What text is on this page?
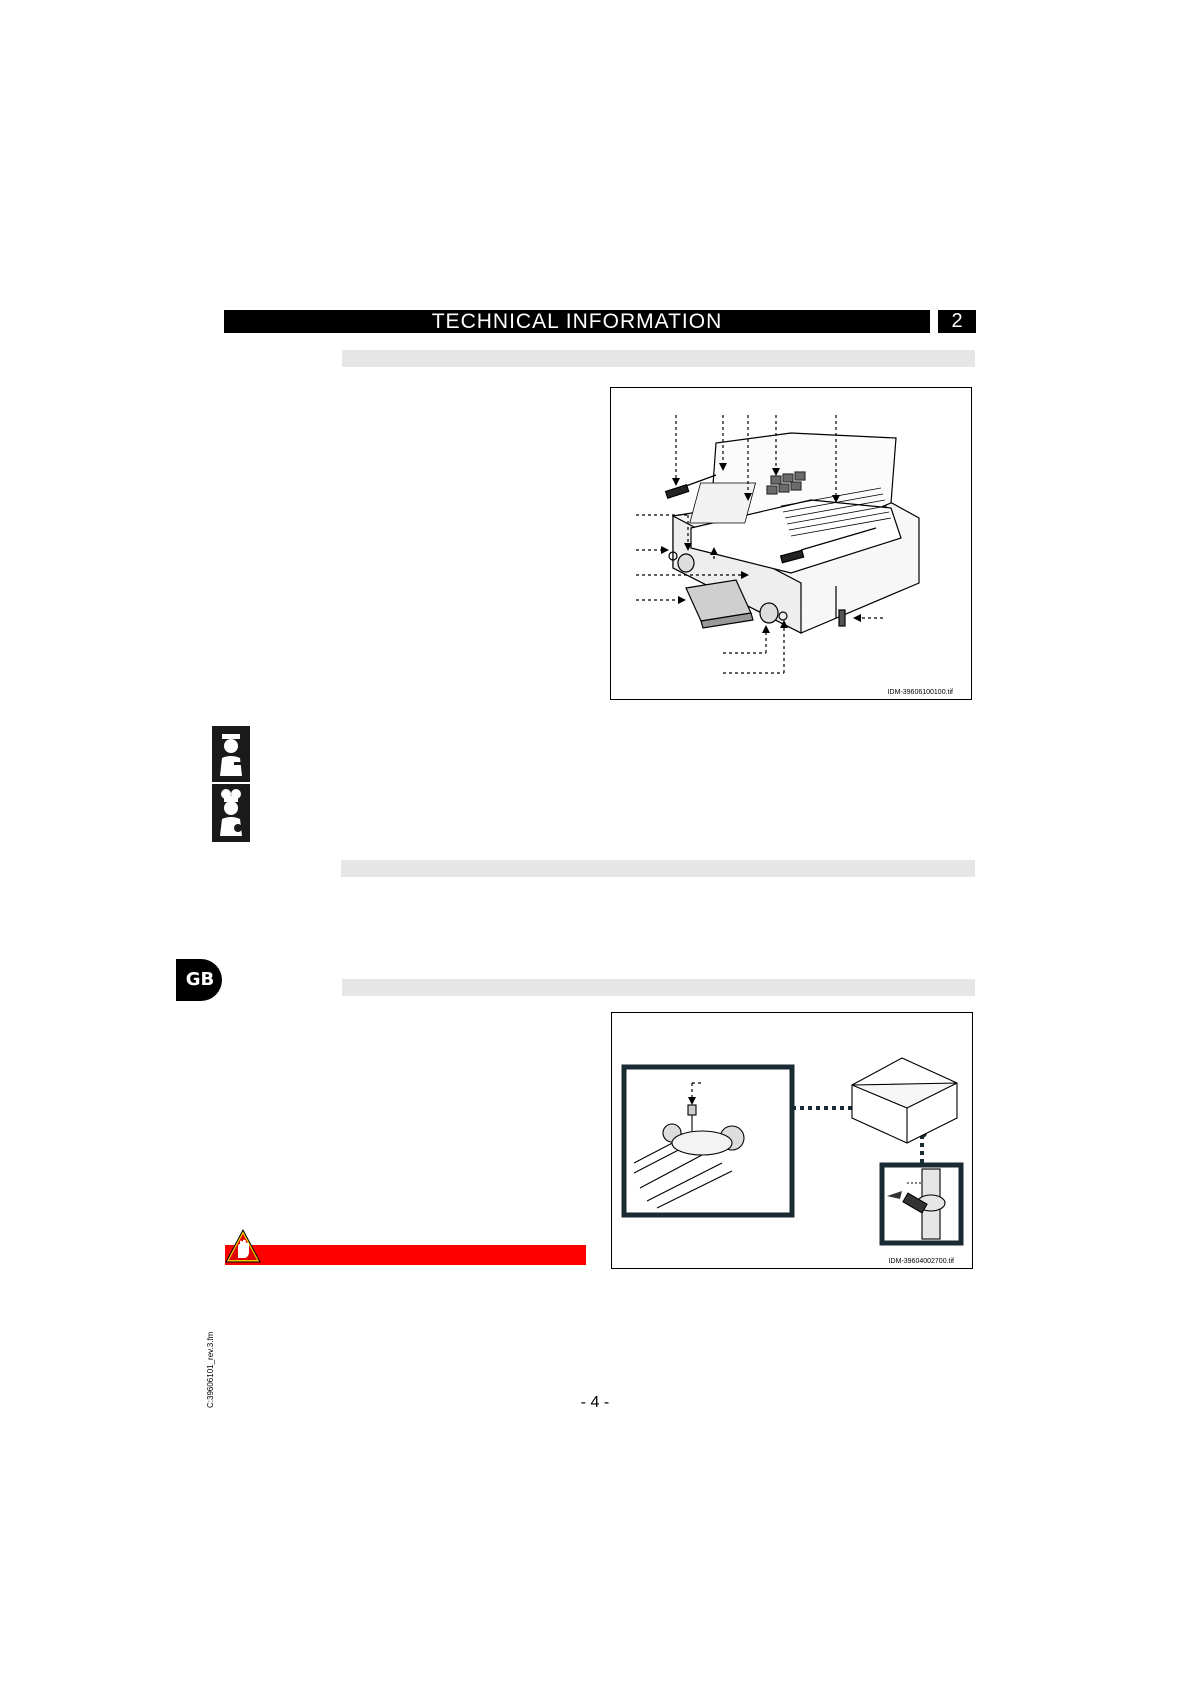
TECHNICAL INFORMATION	2
IDM-39606100100.tif
GB
IDM-39604002700.tif
C:39606101_rev.3.fm	- 4 -
